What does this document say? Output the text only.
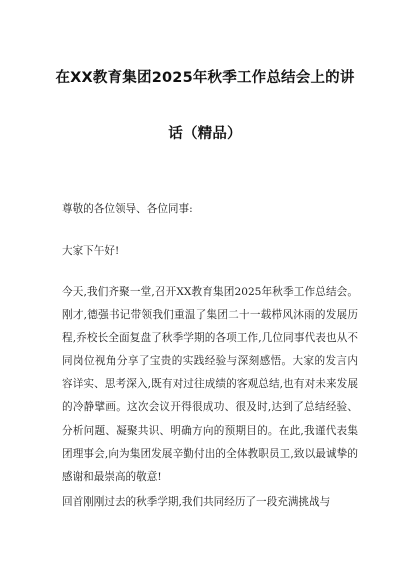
在XX教育集团2025年秋季工作总结会上的讲
话（精品）

尊敬的各位领导、各位同事:

大家下午好!

今天,我们齐聚一堂,召开XX教育集团2025年秋季工作总结会。刚才,德强书记带领我们重温了集团二十一载栉风沐雨的发展历程,乔校长全面复盘了秋季学期的各项工作,几位同事代表也从不同岗位视角分享了宝贵的实践经验与深刻感悟。大家的发言内容详实、思考深入,既有对过往成绩的客观总结,也有对未来发展的冷静擘画。这次会议开得很成功、很及时,达到了总结经验、分析问题、凝聚共识、明确方向的预期目的。在此,我谨代表集团理事会,向为集团发展辛勤付出的全体教职员工,致以最诚挚的感谢和最崇高的敬意!

回首刚刚过去的秋季学期,我们共同经历了一段充满挑战与
